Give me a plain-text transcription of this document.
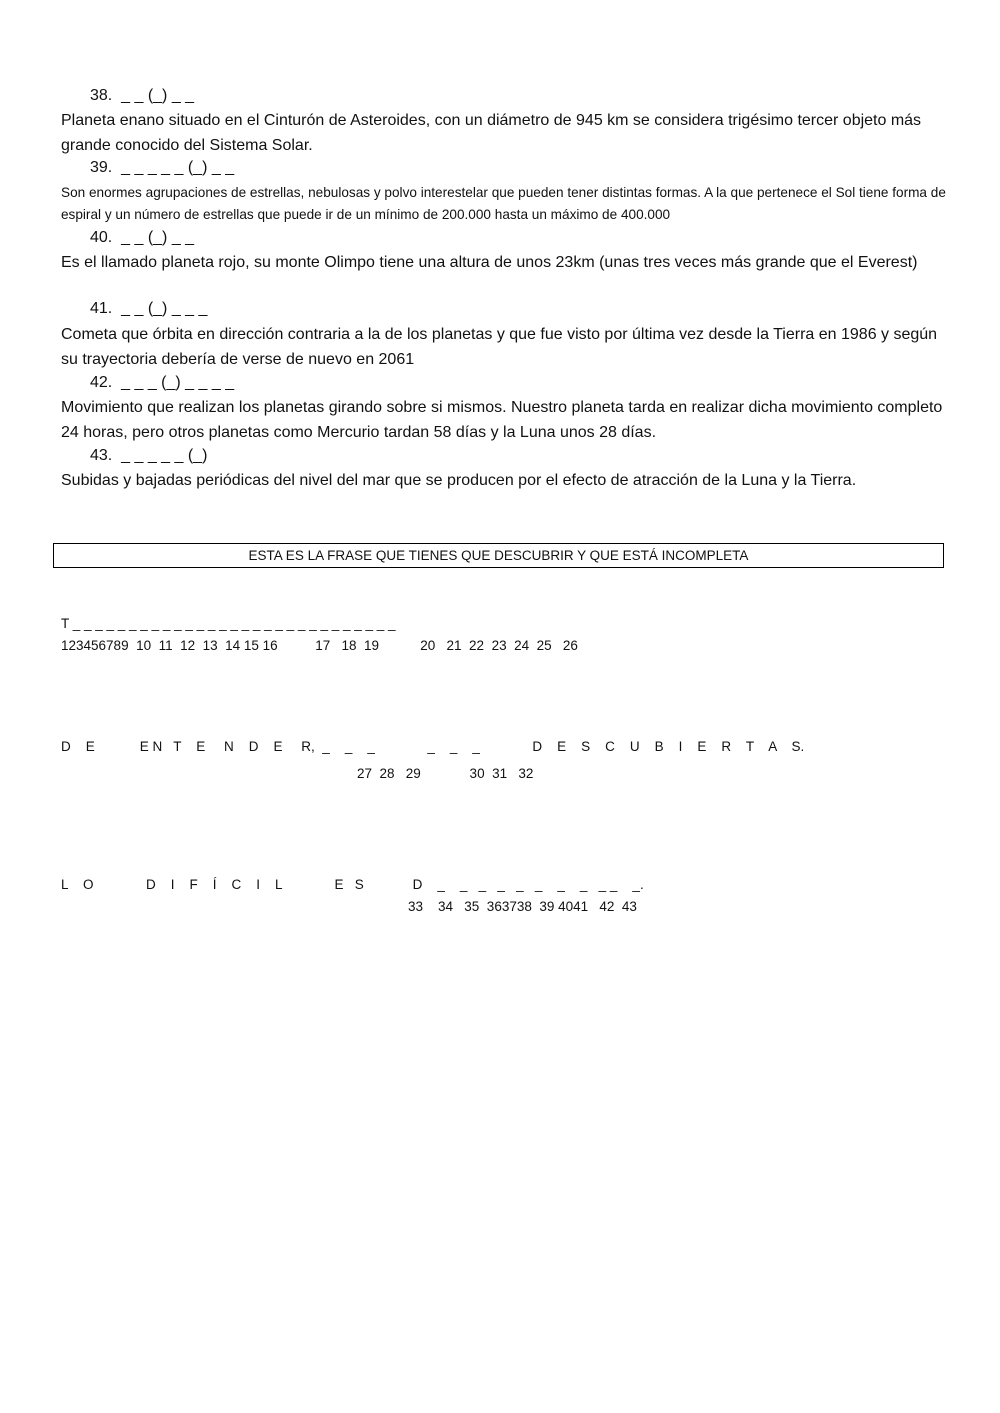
38.  _ _ (_) _ _
Planeta enano situado en el Cinturón de Asteroides, con un diámetro de 945 km se considera trigésimo tercer objeto más grande conocido del Sistema Solar.
39.  _ _ _ _ _ (_) _ _
Son enormes agrupaciones de estrellas, nebulosas y polvo interestelar que pueden tener distintas formas. A la que pertenece el Sol tiene forma de espiral y un número de estrellas que puede ir de un mínimo de 200.000 hasta un máximo de 400.000
40.  _ _ (_) _ _
Es el llamado planeta rojo, su monte Olimpo tiene una altura de unos 23km (unas tres veces más grande que el Everest)
41.  _ _ (_) _ _ _
Cometa que órbita en dirección contraria a la de los planetas y que fue visto por última vez desde la Tierra en 1986 y según su trayectoria debería de verse de nuevo en 2061
42.  _ _ _ (_) _ _ _ _
Movimiento que realizan los planetas girando sobre si mismos. Nuestro planeta tarda en realizar dicha movimiento completo 24 horas, pero otros planetas como Mercurio tardan 58 días y la Luna unos 28 días.
43.  _ _ _ _ _ (_)
Subidas y bajadas periódicas del nivel del mar que se producen por el efecto de atracción de la Luna y la Tierra.
ESTA ES LA FRASE QUE TIENES QUE DESCUBRIR Y QUE ESTÁ INCOMPLETA
T _ _ _ _ _ _ _ _ _ _ _ _ _ _ _ _ _ _ _ _ _ _ _ _ _ _ _ _ _
123456789  10  11  12  13  14 15 16          17   18  19           20   21  22  23  24  25   26
D    E            E N   T    E     N    D    E     R,  _    _    _              _    _    _              D    E    S    C    U    B    I    E    R    T    A    S.
27  28   29             30  31   32
L    O              D    I    F    Í    C    I    L              E   S             D    _    _   _   _   _   _    _    _   _ _    _.
33    34   35  363738  39 4041   42  43
